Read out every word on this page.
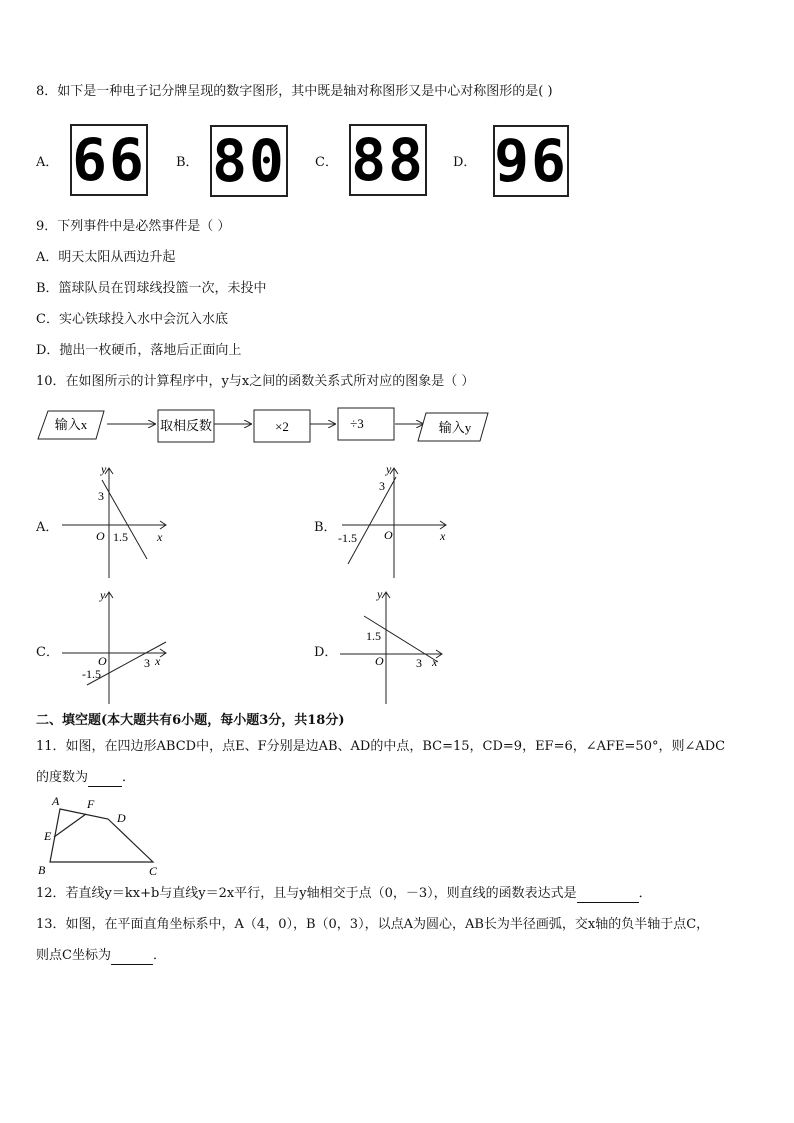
8．如下是一种电子记分牌呈现的数字图形，其中既是轴对称图形又是中心对称图形的是( )
A． 66 B． 80 C． 88 D． 96
9．下列事件中是必然事件是（ ）
A．明天太阳从西边升起
B．篮球队员在罚球线投篮一次，未投中
C．实心铁球投入水中会沉入水底
D．抛出一枚硬币，落地后正面向上
10．在如图所示的计算程序中，y与x之间的函数关系式所对应的图象是（ ）
输入x	取相反数	×2	÷3	输入y
A．
y
x
O
3
1.5
B．
y
x
O
3
-1.5
C．
y
x
O
-1.5
3
D．
y
x
O
1.5
3
二、填空题(本大题共有6小题，每小题3分，共18分)
11．如图，在四边形ABCD中，点E、F分别是边AB、AD的中点，BC=15，CD=9，EF=6，∠AFE=50°，则∠ADC
的度数为	．
A F
D
E
B	C
12．若直线y＝kx+b与直线y＝2x平行，且与y轴相交于点（0，－3），则直线的函数表达式是	．
13．如图，在平面直角坐标系中，A（4，0），B（0，3），以点A为圆心，AB长为半径画弧，交x轴的负半轴于点C，
则点C坐标为	．
